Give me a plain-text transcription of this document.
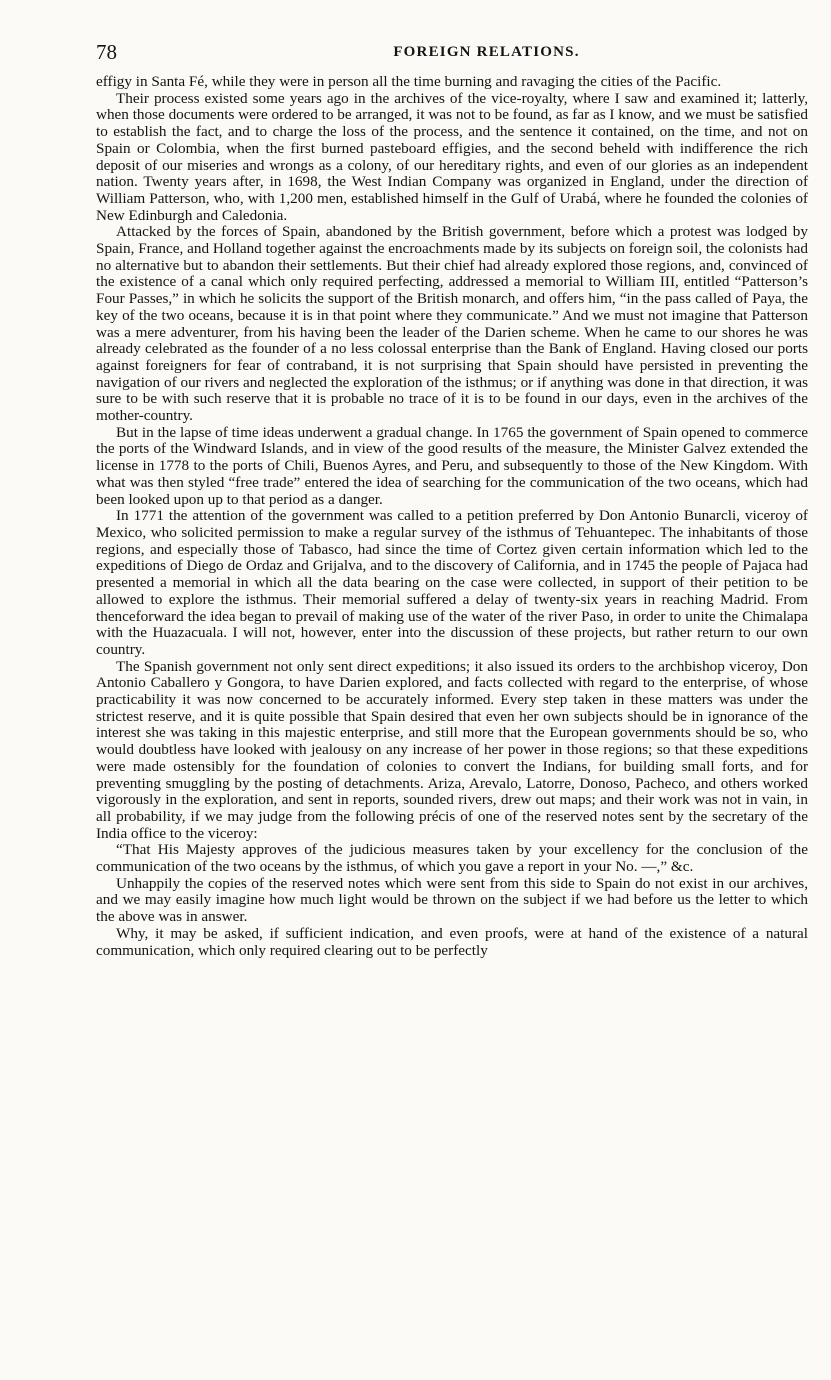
78	FOREIGN RELATIONS.

effigy in Santa Fé, while they were in person all the time burning and ravaging the cities of the Pacific.

Their process existed some years ago in the archives of the vice-royalty, where I saw and examined it; latterly, when those documents were ordered to be arranged, it was not to be found, as far as I know, and we must be satisfied to establish the fact, and to charge the loss of the process, and the sentence it contained, on the time, and not on Spain or Colombia, when the first burned pasteboard effigies, and the second beheld with indifference the rich deposit of our miseries and wrongs as a colony, of our hereditary rights, and even of our glories as an independent nation. Twenty years after, in 1698, the West Indian Company was organized in England, under the direction of William Patterson, who, with 1,200 men, established himself in the Gulf of Urabá, where he founded the colonies of New Edinburgh and Caledonia.

Attacked by the forces of Spain, abandoned by the British government, before which a protest was lodged by Spain, France, and Holland together against the encroachments made by its subjects on foreign soil, the colonists had no alternative but to abandon their settlements. But their chief had already explored those regions, and, convinced of the existence of a canal which only required perfecting, addressed a memorial to William III, entitled “Patterson’s Four Passes,” in which he solicits the support of the British monarch, and offers him, “in the pass called of Paya, the key of the two oceans, because it is in that point where they communicate.” And we must not imagine that Patterson was a mere adventurer, from his having been the leader of the Darien scheme. When he came to our shores he was already celebrated as the founder of a no less colossal enterprise than the Bank of England. Having closed our ports against foreigners for fear of contraband, it is not surprising that Spain should have persisted in preventing the navigation of our rivers and neglected the exploration of the isthmus; or if anything was done in that direction, it was sure to be with such reserve that it is probable no trace of it is to be found in our days, even in the archives of the mother-country.

But in the lapse of time ideas underwent a gradual change. In 1765 the government of Spain opened to commerce the ports of the Windward Islands, and in view of the good results of the measure, the Minister Galvez extended the license in 1778 to the ports of Chili, Buenos Ayres, and Peru, and subsequently to those of the New Kingdom. With what was then styled “free trade” entered the idea of searching for the communication of the two oceans, which had been looked upon up to that period as a danger.

In 1771 the attention of the government was called to a petition preferred by Don Antonio Bunarcli, viceroy of Mexico, who solicited permission to make a regular survey of the isthmus of Tehuantepec. The inhabitants of those regions, and especially those of Tabasco, had since the time of Cortez given certain information which led to the expeditions of Diego de Ordaz and Grijalva, and to the discovery of California, and in 1745 the people of Pajaca had presented a memorial in which all the data bearing on the case were collected, in support of their petition to be allowed to explore the isthmus. Their memorial suffered a delay of twenty-six years in reaching Madrid. From thenceforward the idea began to prevail of making use of the water of the river Paso, in order to unite the Chimalapa with the Huazacuala. I will not, however, enter into the discussion of these projects, but rather return to our own country.

The Spanish government not only sent direct expeditions; it also issued its orders to the archbishop viceroy, Don Antonio Caballero y Gongora, to have Darien explored, and facts collected with regard to the enterprise, of whose practicability it was now concerned to be accurately informed. Every step taken in these matters was under the strictest reserve, and it is quite possible that Spain desired that even her own subjects should be in ignorance of the interest she was taking in this majestic enterprise, and still more that the European governments should be so, who would doubtless have looked with jealousy on any increase of her power in those regions; so that these expeditions were made ostensibly for the foundation of colonies to convert the Indians, for building small forts, and for preventing smuggling by the posting of detachments. Ariza, Arevalo, Latorre, Donoso, Pacheco, and others worked vigorously in the exploration, and sent in reports, sounded rivers, drew out maps; and their work was not in vain, in all probability, if we may judge from the following précis of one of the reserved notes sent by the secretary of the India office to the viceroy:

“That His Majesty approves of the judicious measures taken by your excellency for the conclusion of the communication of the two oceans by the isthmus, of which you gave a report in your No. —,” &c.

Unhappily the copies of the reserved notes which were sent from this side to Spain do not exist in our archives, and we may easily imagine how much light would be thrown on the subject if we had before us the letter to which the above was in answer.

Why, it may be asked, if sufficient indication, and even proofs, were at hand of the existence of a natural communication, which only required clearing out to be perfectly
